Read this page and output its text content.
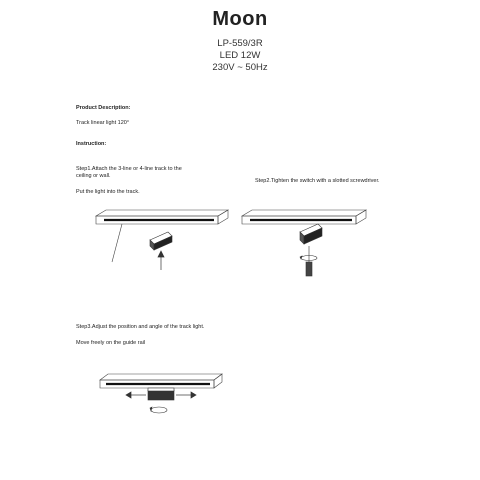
Moon
LP-559/3R
LED 12W
230V ~ 50Hz
Product Description:
Track linear light 120°
Instruction:
Step1.Attach the 3-line or 4-line track to the
ceiling or wall.
Put the light into the track.
Step2.Tighten the switch with a slotted screwdriver.
Step3.Adjust the position and angle of the track light.
Move freely on the guide rail
